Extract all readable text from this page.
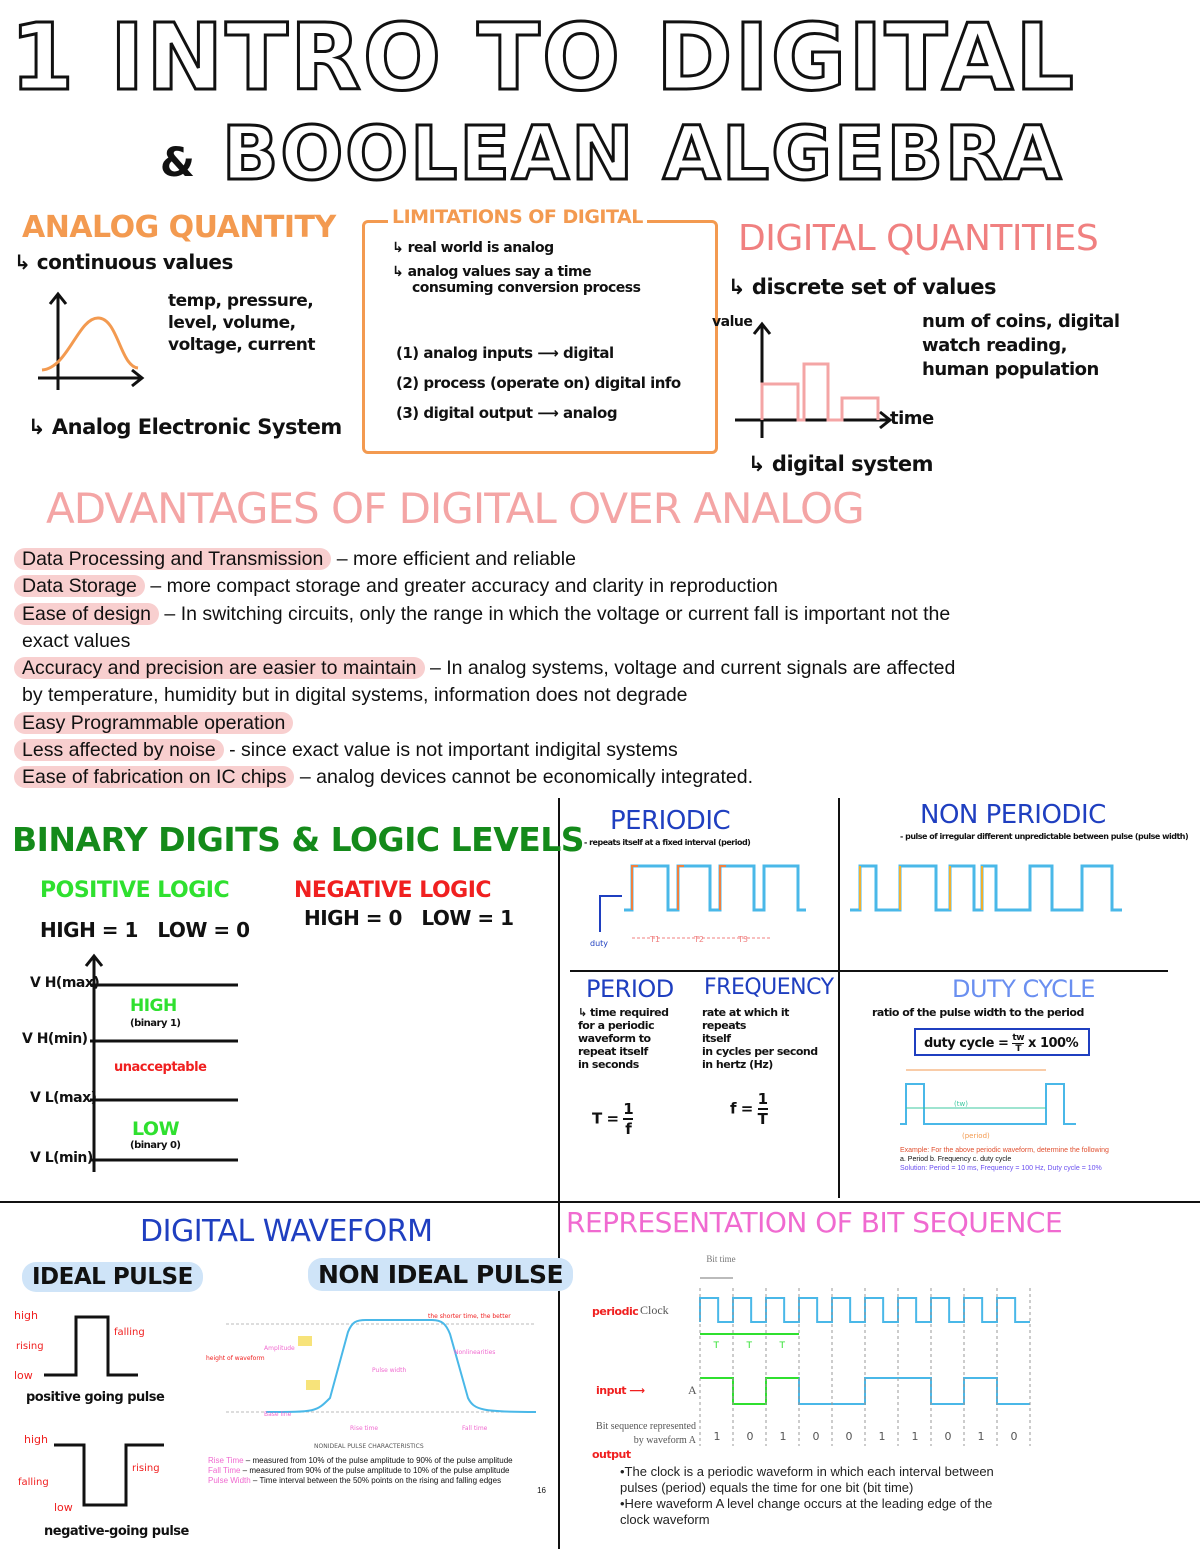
1 INTRO TO DIGITAL
& BOOLEAN ALGEBRA
ANALOG QUANTITY
↳ continuous values
temp, pressure,
level, volume,
voltage, current
↳ Analog Electronic System
LIMITATIONS OF DIGITAL
↳ real world is analog
↳ analog values say a time
consuming conversion process
(1) analog inputs ⟶ digital
(2) process (operate on) digital info
(3) digital output ⟶ analog
DIGITAL QUANTITIES
↳ discrete set of values
value
time
num of coins, digital
watch reading,
human population
↳ digital system
ADVANTAGES OF DIGITAL OVER ANALOG
Data Processing and Transmission – more efficient and reliable
Data Storage – more compact storage and greater accuracy and clarity in reproduction
Ease of design – In switching circuits, only the range in which the voltage or current fall is important not the
exact values
Accuracy and precision are easier to maintain – In analog systems, voltage and current signals are affected
by temperature, humidity but in digital systems, information does not degrade
Easy Programmable operation
Less affected by noise - since exact value is not important indigital systems
Ease of fabrication on IC chips – analog devices cannot be economically integrated.
BINARY DIGITS & LOGIC LEVELS
POSITIVE LOGIC
HIGH = 1   LOW = 0
NEGATIVE LOGIC
HIGH = 0   LOW = 1
V H(max)
V H(min)
V L(max)
V L(min)
HIGH
(binary 1)
unacceptable
LOW
(binary 0)
PERIODIC
- repeats itself at a fixed interval (period)
T1	T2	T3
duty
NON PERIODIC
- pulse of irregular different unpredictable between pulse (pulse width)
PERIOD
↳ time required
for a periodic
waveform to
repeat itself
in seconds
$T = \frac{1}{f}$
FREQUENCY
rate at which it repeats
itself
in cycles per second
in hertz (Hz)
$f = \frac{1}{T}$
DUTY CYCLE
ratio of the pulse width to the period
duty cycle = $\frac{tw}{T}$ x 100%
(tw)
(period)
Example: For the above periodic waveform, determine the following
a. Period b. Frequency c. duty cycle
Solution: Period = 10 ms, Frequency = 100 Hz, Duty cycle = 10%
DIGITAL WAVEFORM
IDEAL PULSE	NON IDEAL PULSE
high
low
rising
falling
high
low
falling
rising
positive going pulse
negative-going pulse
Amplitude
Pulse width
Base line
Rise time	Fall time
Nonlinearities
the shorter time, the better
height of waveform
NONIDEAL PULSE CHARACTERISTICS
Rise Time – measured from 10% of the pulse amplitude to 90% of the pulse amplitude
Fall Time – measured from 90% of the pulse amplitude to 10% of the pulse amplitude
Pulse Width – Time interval between the 50% points on the rising and falling edges
16
REPRESENTATION OF BIT SEQUENCE
Bit time
periodic Clock
input ⟶	A
output
Bit sequence represented by waveform A 1 0 1 0 0 1 1 0 1 0
T	T	T
•The clock is a periodic waveform in which each interval between
pulses (period) equals the time for one bit (bit time)
•Here waveform A level change occurs at the leading edge of the
clock waveform
